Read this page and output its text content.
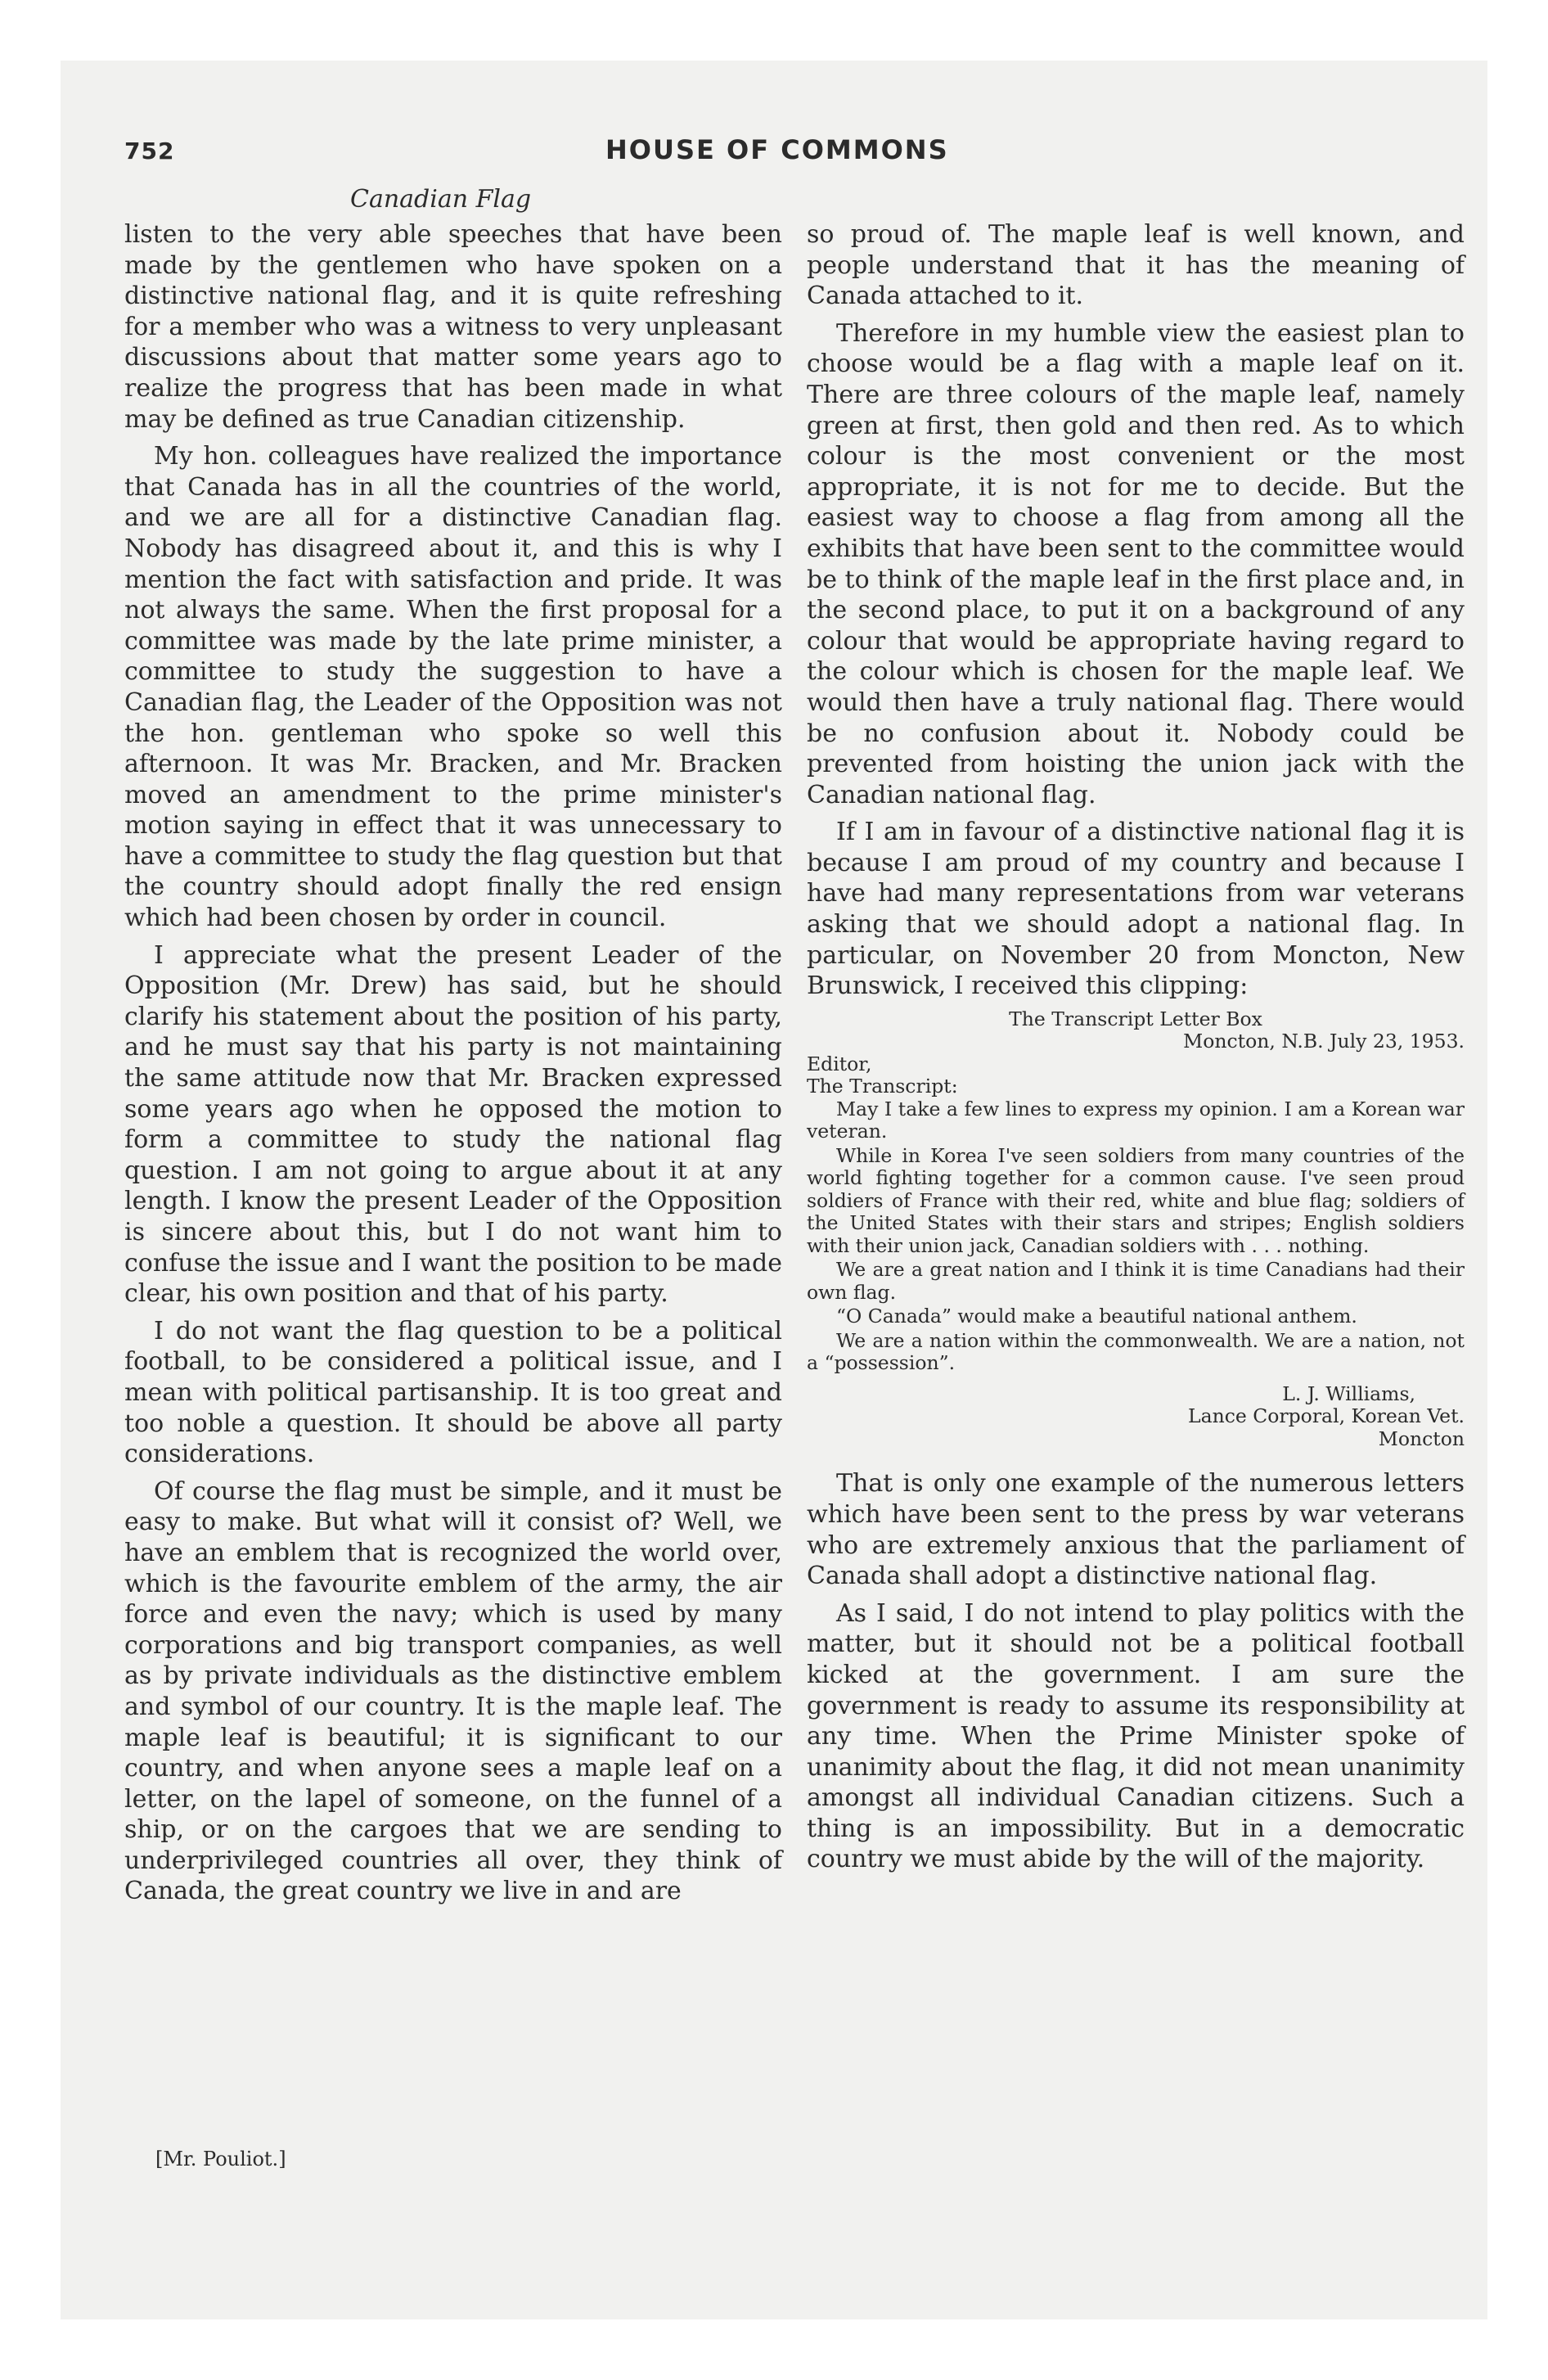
752	HOUSE OF COMMONS
Canadian Flag

listen to the very able speeches that have been made by the gentlemen who have spoken on a distinctive national flag, and it is quite refreshing for a member who was a witness to very unpleasant discussions about that matter some years ago to realize the progress that has been made in what may be defined as true Canadian citizenship.

My hon. colleagues have realized the importance that Canada has in all the countries of the world, and we are all for a distinctive Canadian flag. Nobody has disagreed about it, and this is why I mention the fact with satisfaction and pride. It was not always the same. When the first proposal for a committee was made by the late prime minister, a committee to study the suggestion to have a Canadian flag, the Leader of the Opposition was not the hon. gentleman who spoke so well this afternoon. It was Mr. Bracken, and Mr. Bracken moved an amendment to the prime minister's motion saying in effect that it was unnecessary to have a committee to study the flag question but that the country should adopt finally the red ensign which had been chosen by order in council.

I appreciate what the present Leader of the Opposition (Mr. Drew) has said, but he should clarify his statement about the position of his party, and he must say that his party is not maintaining the same attitude now that Mr. Bracken expressed some years ago when he opposed the motion to form a committee to study the national flag question. I am not going to argue about it at any length. I know the present Leader of the Opposition is sincere about this, but I do not want him to confuse the issue and I want the position to be made clear, his own position and that of his party.

I do not want the flag question to be a political football, to be considered a political issue, and I mean with political partisanship. It is too great and too noble a question. It should be above all party considerations.

Of course the flag must be simple, and it must be easy to make. But what will it consist of? Well, we have an emblem that is recognized the world over, which is the favourite emblem of the army, the air force and even the navy; which is used by many corporations and big transport companies, as well as by private individuals as the distinctive emblem and symbol of our country. It is the maple leaf. The maple leaf is beautiful; it is significant to our country, and when anyone sees a maple leaf on a letter, on the lapel of someone, on the funnel of a ship, or on the cargoes that we are sending to underprivileged countries all over, they think of Canada, the great country we live in and are

so proud of. The maple leaf is well known, and people understand that it has the meaning of Canada attached to it.

Therefore in my humble view the easiest plan to choose would be a flag with a maple leaf on it. There are three colours of the maple leaf, namely green at first, then gold and then red. As to which colour is the most convenient or the most appropriate, it is not for me to decide. But the easiest way to choose a flag from among all the exhibits that have been sent to the committee would be to think of the maple leaf in the first place and, in the second place, to put it on a background of any colour that would be appropriate having regard to the colour which is chosen for the maple leaf. We would then have a truly national flag. There would be no confusion about it. Nobody could be prevented from hoisting the union jack with the Canadian national flag.

If I am in favour of a distinctive national flag it is because I am proud of my country and because I have had many representations from war veterans asking that we should adopt a national flag. In particular, on November 20 from Moncton, New Brunswick, I received this clipping:

The Transcript Letter Box
Moncton, N.B. July 23, 1953.
Editor,
The Transcript:

May I take a few lines to express my opinion. I am a Korean war veteran.

While in Korea I've seen soldiers from many countries of the world fighting together for a common cause. I've seen proud soldiers of France with their red, white and blue flag; soldiers of the United States with their stars and stripes; English soldiers with their union jack, Canadian soldiers with . . . nothing.

We are a great nation and I think it is time Canadians had their own flag.

“O Canada” would make a beautiful national anthem.

We are a nation within the commonwealth. We are a nation, not a “possession”.

L. J. Williams,
Lance Corporal, Korean Vet.
Moncton

That is only one example of the numerous letters which have been sent to the press by war veterans who are extremely anxious that the parliament of Canada shall adopt a distinctive national flag.

As I said, I do not intend to play politics with the matter, but it should not be a political football kicked at the government. I am sure the government is ready to assume its responsibility at any time. When the Prime Minister spoke of unanimity about the flag, it did not mean unanimity amongst all individual Canadian citizens. Such a thing is an impossibility. But in a democratic country we must abide by the will of the majority.

[Mr. Pouliot.]
